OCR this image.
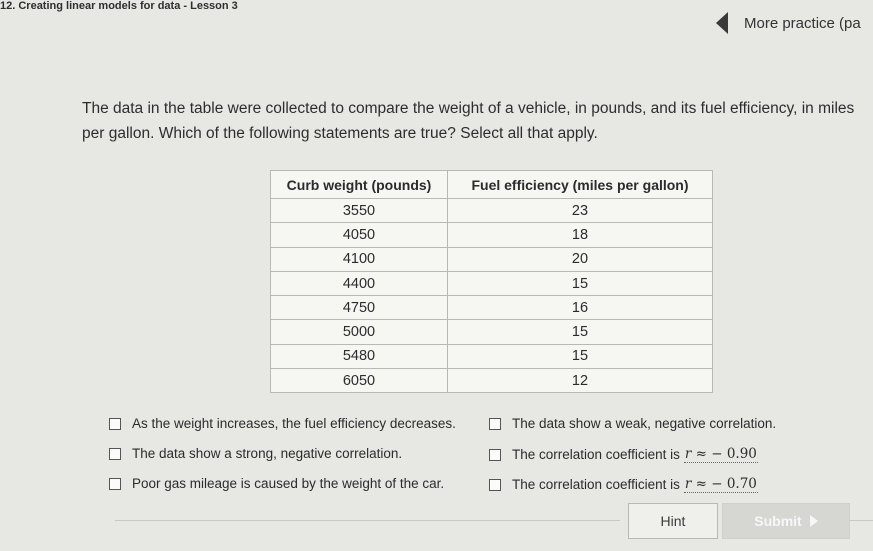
12. Creating linear models for data - Lesson 3
More practice (pa
The data in the table were collected to compare the weight of a vehicle, in pounds, and its fuel efficiency, in miles per gallon. Which of the following statements are true? Select all that apply.
Curb weight (pounds)	Fuel efficiency (miles per gallon)
3550	23
4050	18
4100	20
4400	15
4750	16
5000	15
5480	15
6050	12
As the weight increases, the fuel efficiency decreases.
The data show a strong, negative correlation.
Poor gas mileage is caused by the weight of the car.
The data show a weak, negative correlation.
The correlation coefficient is r ≈ − 0.90
The correlation coefficient is r ≈ − 0.70
Hint	Submit
